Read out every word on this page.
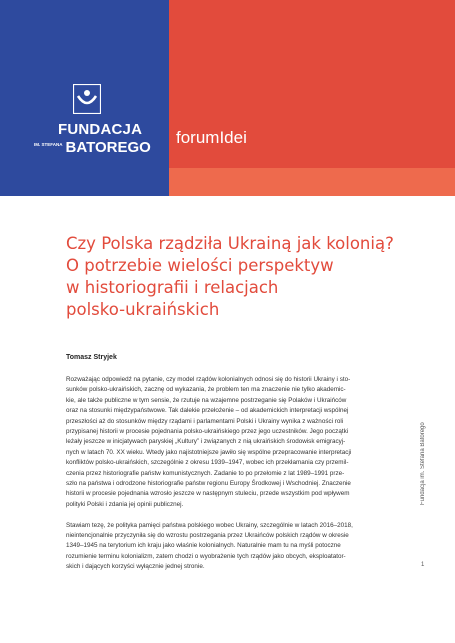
FUNDACJA
IM. STEFANA BATOREGO
forumIdei
Czy Polska rządziła Ukrainą jak kolonią?
O potrzebie wielości perspektyw
w historiografii i relacjach
polsko-ukraińskich
Tomasz Stryjek

Rozważając odpowiedź na pytanie, czy model rządów kolonialnych odnosi się do historii Ukrainy i sto-
sunków polsko-ukraińskich, zacznę od wykazania, że problem ten ma znaczenie nie tylko akademic-
kie, ale także publiczne w tym sensie, że rzutuje na wzajemne postrzeganie się Polaków i Ukraińców
oraz na stosunki międzypaństwowe. Tak dalekie przełożenie – od akademickich interpretacji wspólnej
przeszłości aż do stosunków między rządami i parlamentami Polski i Ukrainy wynika z ważności roli
przypisanej historii w procesie pojednania polsko-ukraińskiego przez jego uczestników. Jego początki
leżały jeszcze w inicjatywach paryskiej „Kultury” i związanych z nią ukraińskich środowisk emigracyj-
nych w latach 70. XX wieku. Wtedy jako najistotniejsze jawiło się wspólne przepracowanie interpretacji
konfliktów polsko-ukraińskich, szczególnie z okresu 1939–1947, wobec ich przekłamania czy przemil-
czenia przez historiografie państw komunistycznych. Zadanie to po przełomie z lat 1989–1991 prze-
szło na państwa i odrodzone historiografie państw regionu Europy Środkowej i Wschodniej. Znaczenie
historii w procesie pojednania wzrosło jeszcze w następnym stuleciu, przede wszystkim pod wpływem
polityki Polski i zdania jej opinii publicznej.

Stawiam tezę, że polityka pamięci państwa polskiego wobec Ukrainy, szczególnie w latach 2016–2018,
nieintencjonalnie przyczyniła się do wzrostu postrzegania przez Ukraińców polskich rządów w okresie
1349–1945 na terytorium ich kraju jako właśnie kolonialnych. Naturalnie mam tu na myśli potoczne
rozumienie terminu kolonializm, zatem chodzi o wyobrażenie tych rządów jako obcych, eksploatator-
skich i dających korzyści wyłącznie jednej stronie.

Fundacja im. Stefana Batorego
1
